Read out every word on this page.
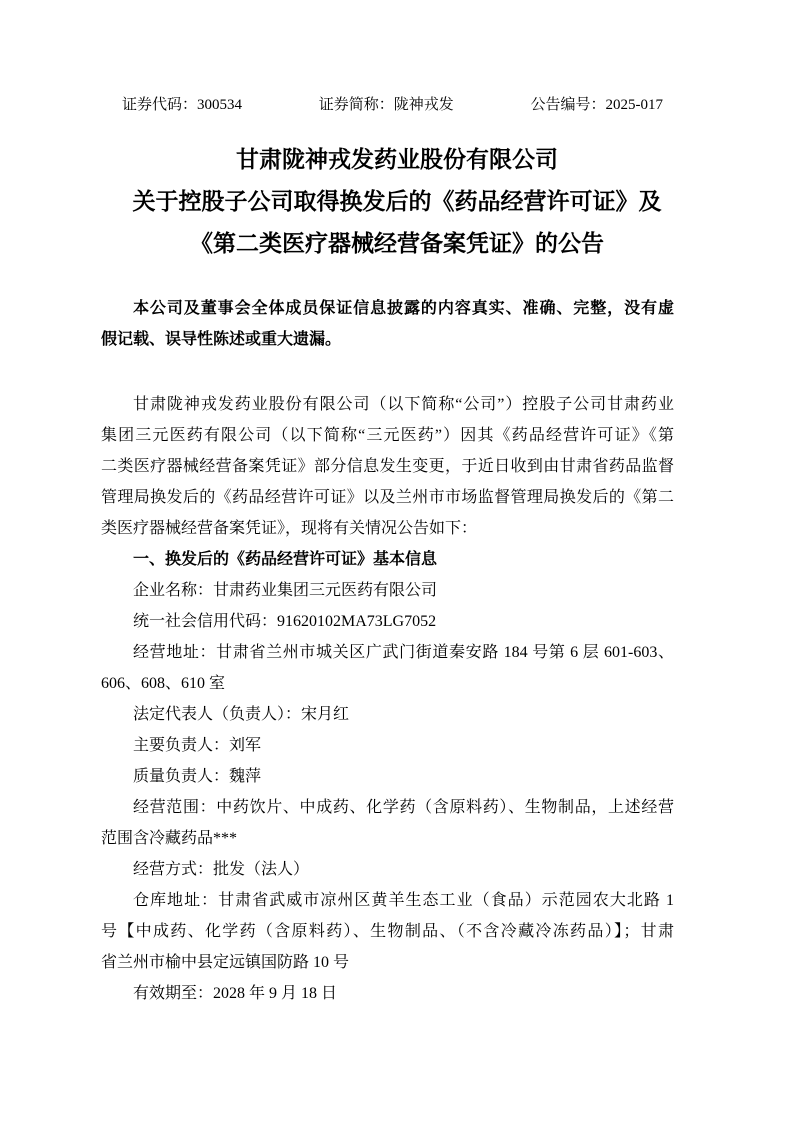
证券代码：300534	证券简称：陇神戎发	公告编号：2025-017
甘肃陇神戎发药业股份有限公司
关于控股子公司取得换发后的《药品经营许可证》及
《第二类医疗器械经营备案凭证》的公告
本公司及董事会全体成员保证信息披露的内容真实、准确、完整，没有虚
假记载、误导性陈述或重大遗漏。
甘肃陇神戎发药业股份有限公司（以下简称“公司”）控股子公司甘肃药业
集团三元医药有限公司（以下简称“三元医药”）因其《药品经营许可证》《第
二类医疗器械经营备案凭证》部分信息发生变更，于近日收到由甘肃省药品监督
管理局换发后的《药品经营许可证》以及兰州市市场监督管理局换发后的《第二
类医疗器械经营备案凭证》，现将有关情况公告如下：
一、换发后的《药品经营许可证》基本信息
企业名称：甘肃药业集团三元医药有限公司
统一社会信用代码：91620102MA73LG7052
经营地址：甘肃省兰州市城关区广武门街道秦安路 184 号第 6 层 601-603、
606、608、610 室
法定代表人（负责人）：宋月红
主要负责人：刘军
质量负责人：魏萍
经营范围：中药饮片、中成药、化学药（含原料药）、生物制品，上述经营
范围含冷藏药品***
经营方式：批发（法人）
仓库地址：甘肃省武威市凉州区黄羊生态工业（食品）示范园农大北路 1
号【中成药、化学药（含原料药）、生物制品、（不含冷藏冷冻药品）】；甘肃
省兰州市榆中县定远镇国防路 10 号
有效期至：2028 年 9 月 18 日
